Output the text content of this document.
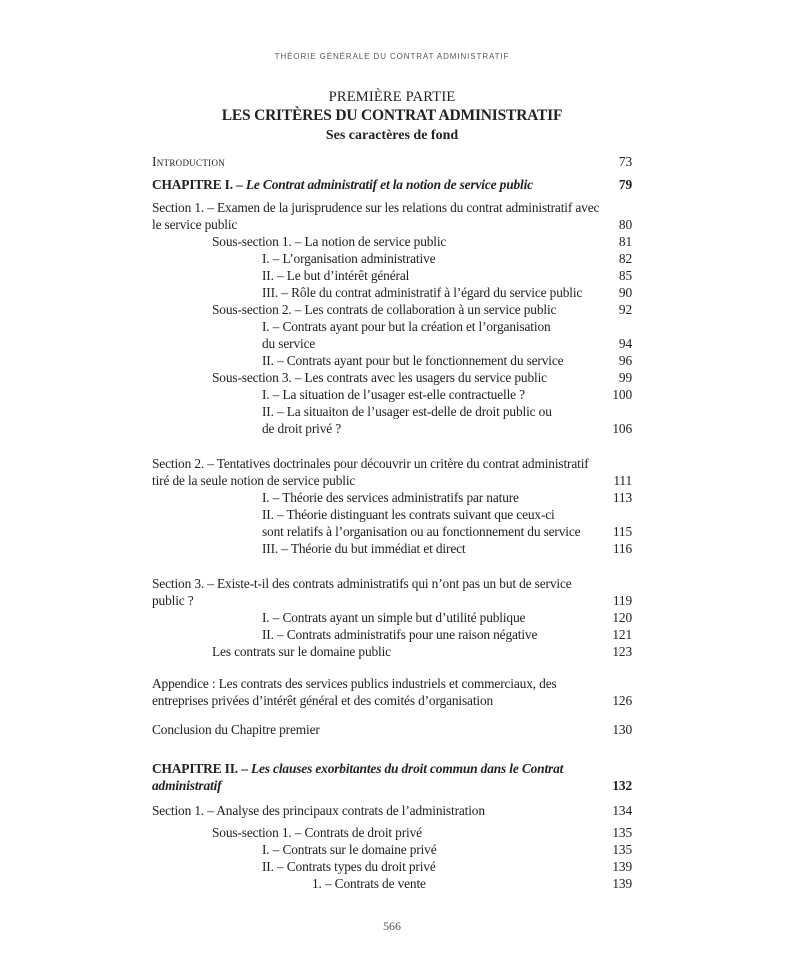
THÉORIE GÉNÉRALE DU CONTRAT ADMINISTRATIF
PREMIÈRE PARTIE
LES CRITÈRES DU CONTRAT ADMINISTRATIF
Ses caractères de fond
Introduction	73
CHAPITRE I. – Le Contrat administratif et la notion de service public	79
Section 1. – Examen de la jurisprudence sur les relations du contrat administratif avec
le service public	80
Sous-section 1. – La notion de service public	81
I. – L’organisation administrative	82
II. – Le but d’intérêt général	85
III. – Rôle du contrat administratif à l’égard du service public	90
Sous-section 2. – Les contrats de collaboration à un service public	92
I. – Contrats ayant pour but la création et l’organisation
du service	94
II. – Contrats ayant pour but le fonctionnement du service	96
Sous-section 3. – Les contrats avec les usagers du service public	99
I. – La situation de l’usager est-elle contractuelle ?	100
II. – La situaiton de l’usager est-delle de droit public ou
de droit privé ?	106
Section 2. – Tentatives doctrinales pour découvrir un critère du contrat administratif
tiré de la seule notion de service public	111
I. – Théorie des services administratifs par nature	113
II. – Théorie distinguant les contrats suivant que ceux-ci
sont relatifs à l’organisation ou au fonctionnement du service	115
III. – Théorie du but immédiat et direct	116
Section 3. – Existe-t-il des contrats administratifs qui n’ont pas un but de service
public ?	119
I. – Contrats ayant un simple but d’utilité publique	120
II. – Contrats administratifs pour une raison négative	121
Les contrats sur le domaine public	123
Appendice : Les contrats des services publics industriels et commerciaux, des
entreprises privées d’intérêt général et des comités d’organisation	126
Conclusion du Chapitre premier	130
CHAPITRE II. – Les clauses exorbitantes du droit commun dans le Contrat
administratif	132
Section 1. – Analyse des principaux contrats de l’administration	134
Sous-section 1. – Contrats de droit privé	135
I. – Contrats sur le domaine privé	135
II. – Contrats types du droit privé	139
1. – Contrats de vente	139
566
